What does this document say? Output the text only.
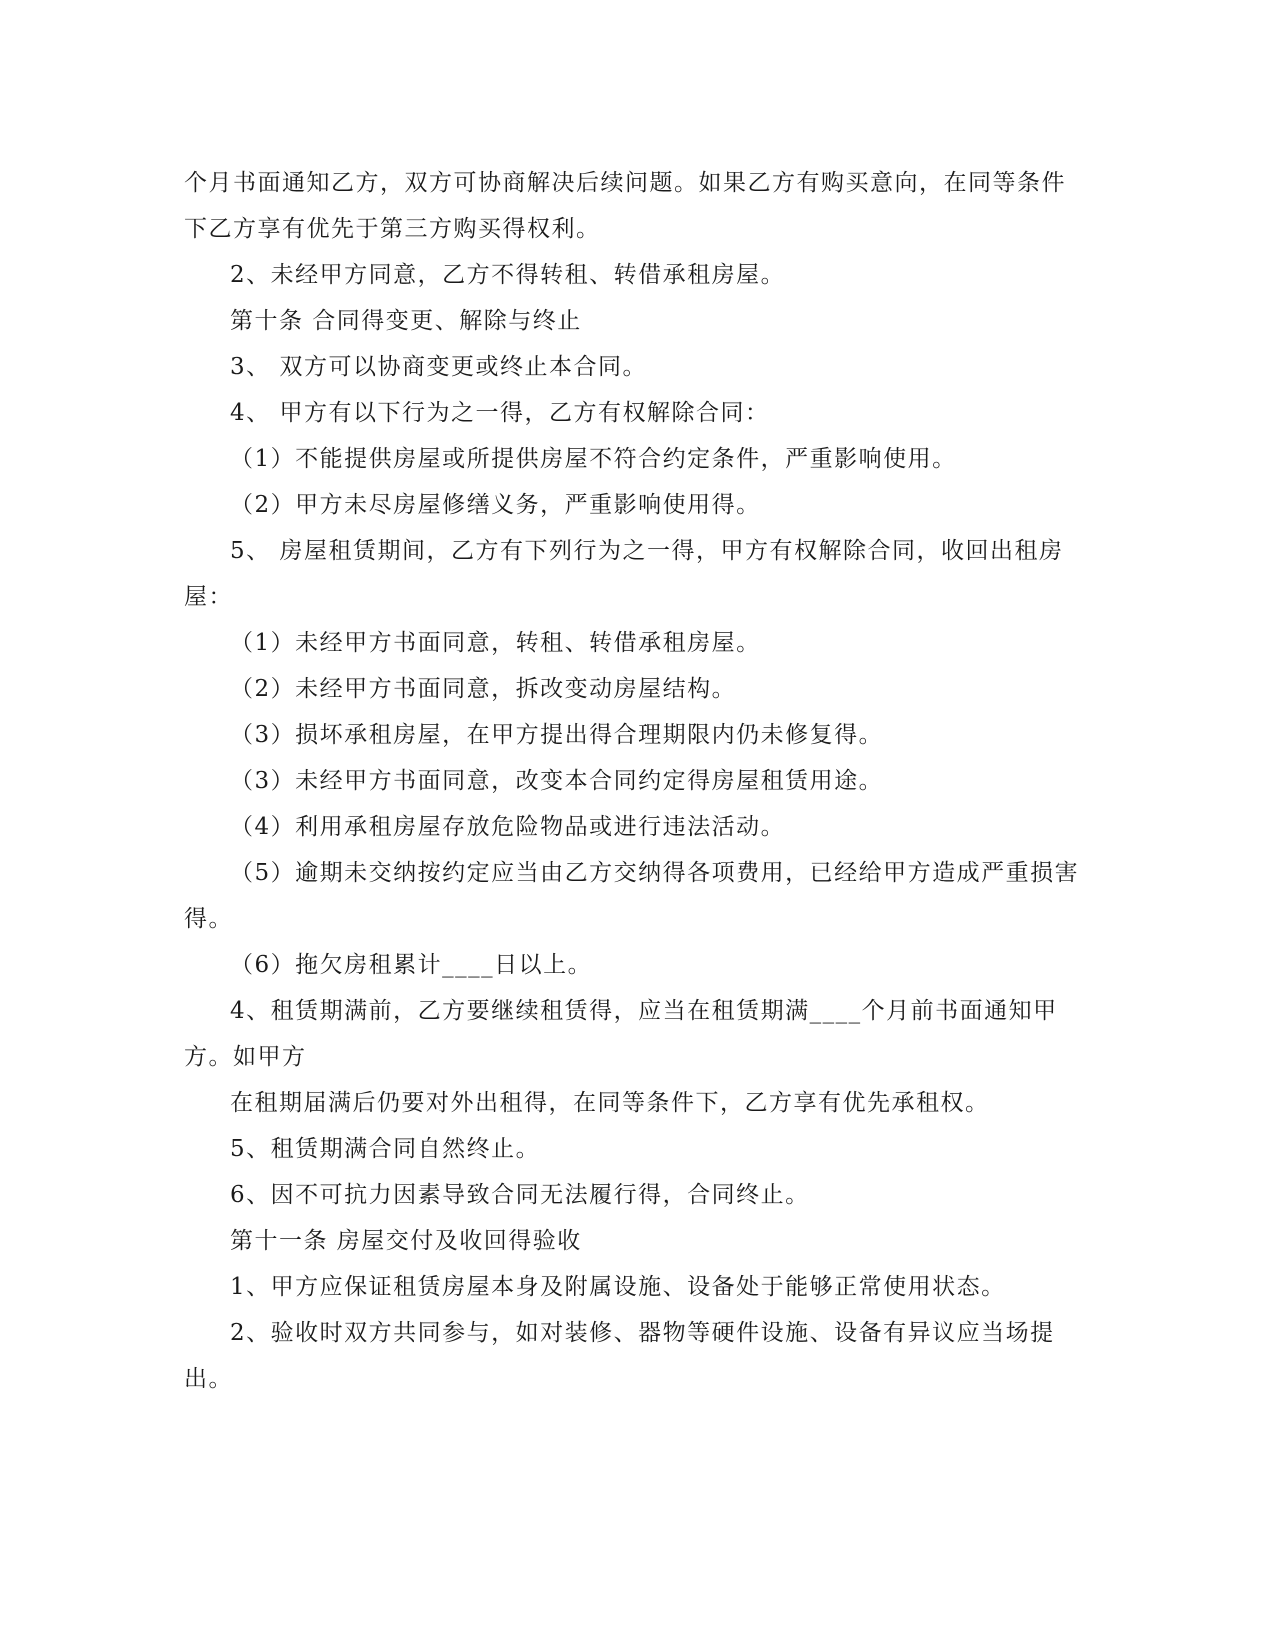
个月书面通知乙方，双方可协商解决后续问题。如果乙方有购买意向，在同等条件下乙方享有优先于第三方购买得权利。

2、未经甲方同意，乙方不得转租、转借承租房屋。

第十条 合同得变更、解除与终止

3、 双方可以协商变更或终止本合同。

4、 甲方有以下行为之一得，乙方有权解除合同：

（1）不能提供房屋或所提供房屋不符合约定条件，严重影响使用。

（2）甲方未尽房屋修缮义务，严重影响使用得。

5、 房屋租赁期间，乙方有下列行为之一得，甲方有权解除合同，收回出租房屋：

（1）未经甲方书面同意，转租、转借承租房屋。

（2）未经甲方书面同意，拆改变动房屋结构。

（3）损坏承租房屋，在甲方提出得合理期限内仍未修复得。

（3）未经甲方书面同意，改变本合同约定得房屋租赁用途。

（4）利用承租房屋存放危险物品或进行违法活动。

（5）逾期未交纳按约定应当由乙方交纳得各项费用，已经给甲方造成严重损害得。

（6）拖欠房租累计____日以上。

4、租赁期满前，乙方要继续租赁得，应当在租赁期满____个月前书面通知甲方。如甲方

在租期届满后仍要对外出租得，在同等条件下，乙方享有优先承租权。

5、租赁期满合同自然终止。

6、因不可抗力因素导致合同无法履行得，合同终止。

第十一条 房屋交付及收回得验收

1、甲方应保证租赁房屋本身及附属设施、设备处于能够正常使用状态。

2、验收时双方共同参与，如对装修、器物等硬件设施、设备有异议应当场提出。
